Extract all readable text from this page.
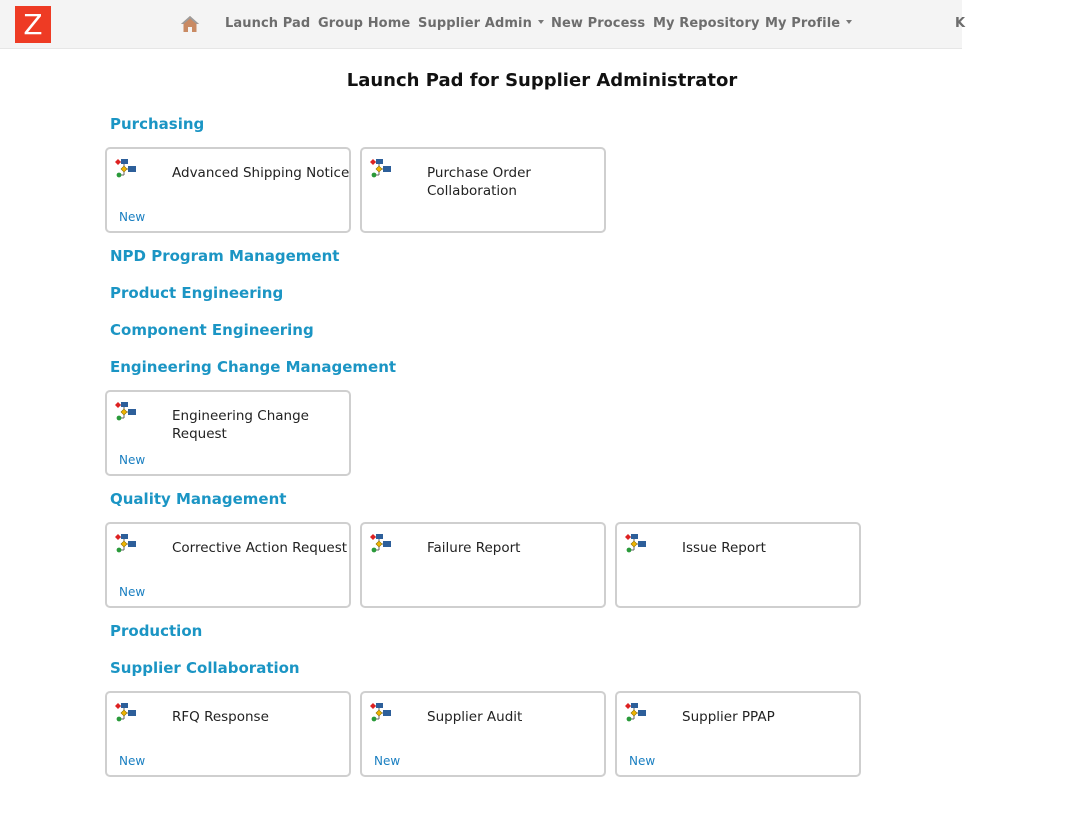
Z	Launch Pad Group Home Supplier Admin	New Process My Repository My Profile	K
Launch Pad for Supplier Administrator
Purchasing
Advanced Shipping Notice
New
Purchase Order Collaboration
NPD Program Management
Product Engineering
Component Engineering
Engineering Change Management
Engineering Change Request
New
Quality Management
Corrective Action Request
New
Failure Report	Issue Report
Production
Supplier Collaboration
RFQ Response
New
Supplier Audit
New
Supplier PPAP
New
